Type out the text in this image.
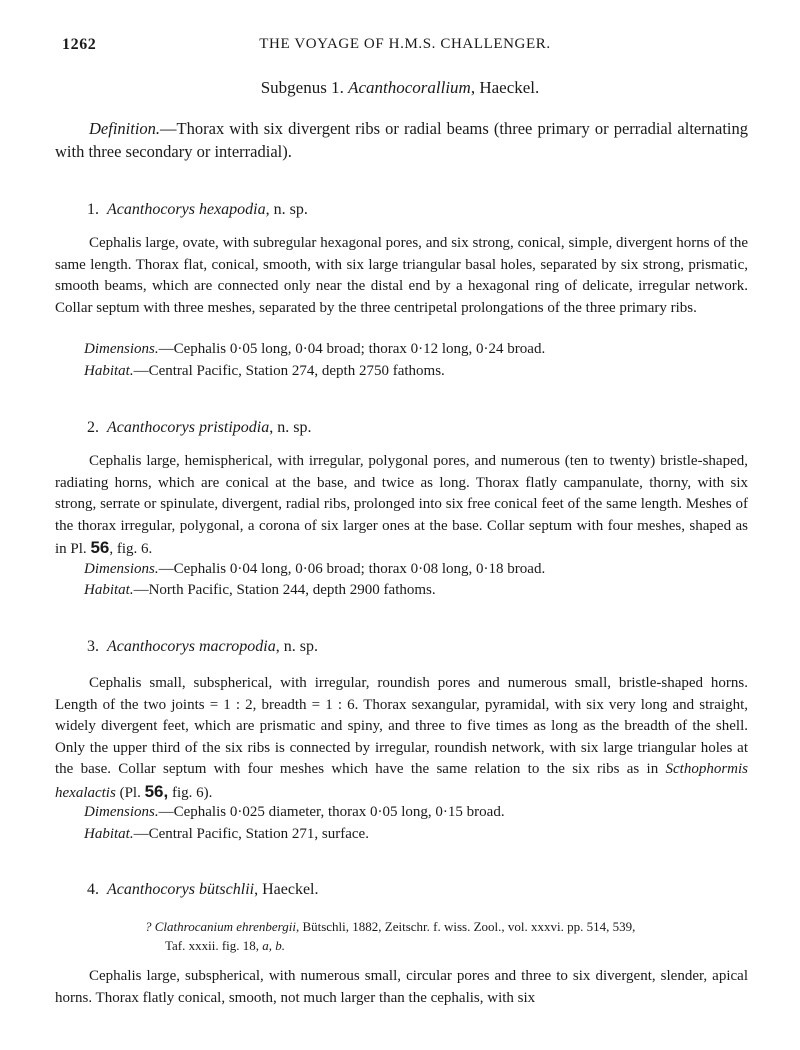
1262	THE VOYAGE OF H.M.S. CHALLENGER.
Subgenus 1. Acanthocorallium, Haeckel.
Definition.—Thorax with six divergent ribs or radial beams (three primary or perradial alternating with three secondary or interradial).
1. Acanthocorys hexapodia, n. sp.
Cephalis large, ovate, with subregular hexagonal pores, and six strong, conical, simple, divergent horns of the same length. Thorax flat, conical, smooth, with six large triangular basal holes, separated by six strong, prismatic, smooth beams, which are connected only near the distal end by a hexagonal ring of delicate, irregular network. Collar septum with three meshes, separated by the three centripetal prolongations of the three primary ribs.
Dimensions.—Cephalis 0·05 long, 0·04 broad; thorax 0·12 long, 0·24 broad.
Habitat.—Central Pacific, Station 274, depth 2750 fathoms.
2. Acanthocorys pristipodia, n. sp.
Cephalis large, hemispherical, with irregular, polygonal pores, and numerous (ten to twenty) bristle-shaped, radiating horns, which are conical at the base, and twice as long. Thorax flatly campanulate, thorny, with six strong, serrate or spinulate, divergent, radial ribs, prolonged into six free conical feet of the same length. Meshes of the thorax irregular, polygonal, a corona of six larger ones at the base. Collar septum with four meshes, shaped as in Pl. 56, fig. 6.
Dimensions.—Cephalis 0·04 long, 0·06 broad; thorax 0·08 long, 0·18 broad.
Habitat.—North Pacific, Station 244, depth 2900 fathoms.
3. Acanthocorys macropodia, n. sp.
Cephalis small, subspherical, with irregular, roundish pores and numerous small, bristle-shaped horns. Length of the two joints = 1 : 2, breadth = 1 : 6. Thorax sexangular, pyramidal, with six very long and straight, widely divergent feet, which are prismatic and spiny, and three to five times as long as the breadth of the shell. Only the upper third of the six ribs is connected by irregular, roundish network, with six large triangular holes at the base. Collar septum with four meshes which have the same relation to the six ribs as in Scthophormis hexalactis (Pl. 56, fig. 6).
Dimensions.—Cephalis 0·025 diameter, thorax 0·05 long, 0·15 broad.
Habitat.—Central Pacific, Station 271, surface.
4. Acanthocorys bütschlii, Haeckel.
? Clathrocanium ehrenbergii, Bütschli, 1882, Zeitschr. f. wiss. Zool., vol. xxxvi. pp. 514, 539,
Taf. xxxii. fig. 18, a, b.
Cephalis large, subspherical, with numerous small, circular pores and three to six divergent, slender, apical horns. Thorax flatly conical, smooth, not much larger than the cephalis, with six
